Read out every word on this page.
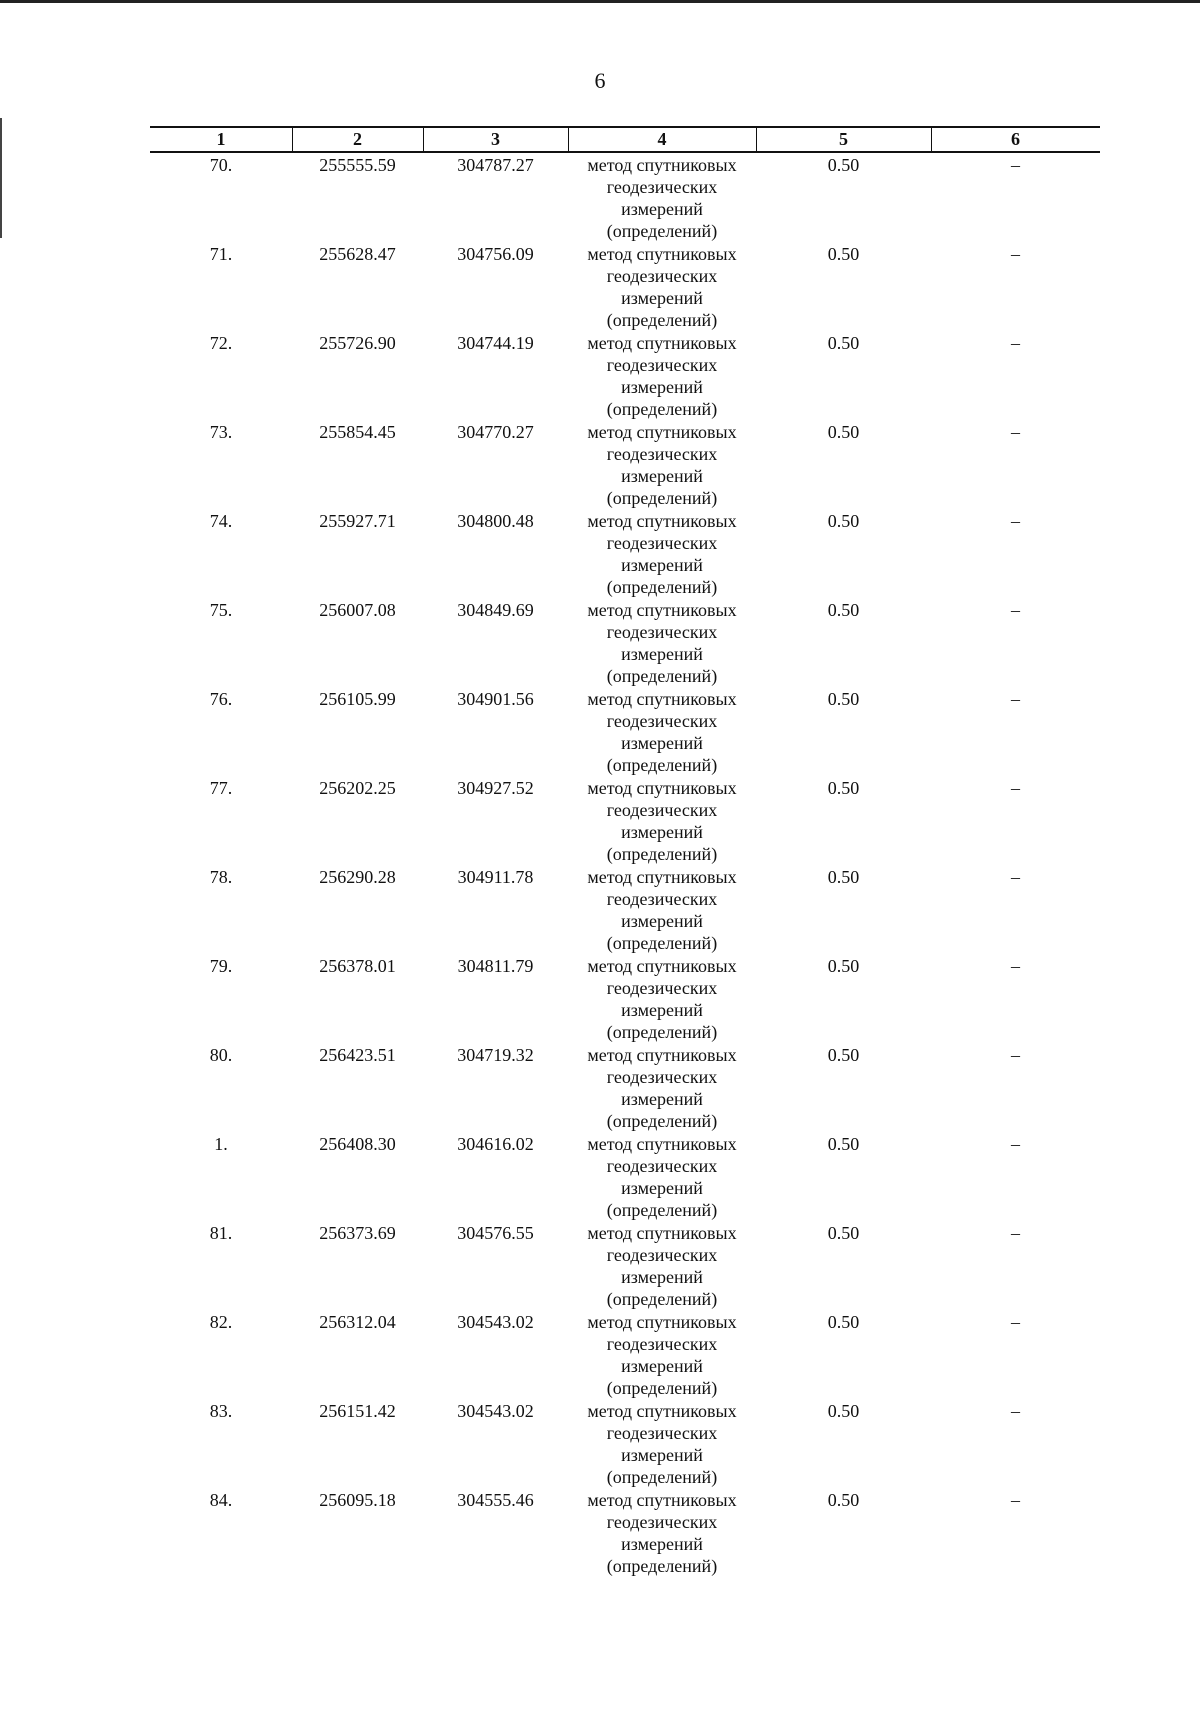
6
1	2	3	4	5	6
70.	255555.59	304787.27	метод спутниковых
геодезических
измерений
(определений)
0.50	–
71.	255628.47	304756.09	метод спутниковых
геодезических
измерений
(определений)
0.50	–
72.	255726.90	304744.19	метод спутниковых
геодезических
измерений
(определений)
0.50	–
73.	255854.45	304770.27	метод спутниковых
геодезических
измерений
(определений)
0.50	–
74.	255927.71	304800.48	метод спутниковых
геодезических
измерений
(определений)
0.50	–
75.	256007.08	304849.69	метод спутниковых
геодезических
измерений
(определений)
0.50	–
76.	256105.99	304901.56	метод спутниковых
геодезических
измерений
(определений)
0.50	–
77.	256202.25	304927.52	метод спутниковых
геодезических
измерений
(определений)
0.50	–
78.	256290.28	304911.78	метод спутниковых
геодезических
измерений
(определений)
0.50	–
79.	256378.01	304811.79	метод спутниковых
геодезических
измерений
(определений)
0.50	–
80.	256423.51	304719.32	метод спутниковых
геодезических
измерений
(определений)
0.50	–
1.	256408.30	304616.02	метод спутниковых
геодезических
измерений
(определений)
0.50	–
81.	256373.69	304576.55	метод спутниковых
геодезических
измерений
(определений)
0.50	–
82.	256312.04	304543.02	метод спутниковых
геодезических
измерений
(определений)
0.50	–
83.	256151.42	304543.02	метод спутниковых
геодезических
измерений
(определений)
0.50	–
84.	256095.18	304555.46	метод спутниковых
геодезических
измерений
(определений)
0.50	–
